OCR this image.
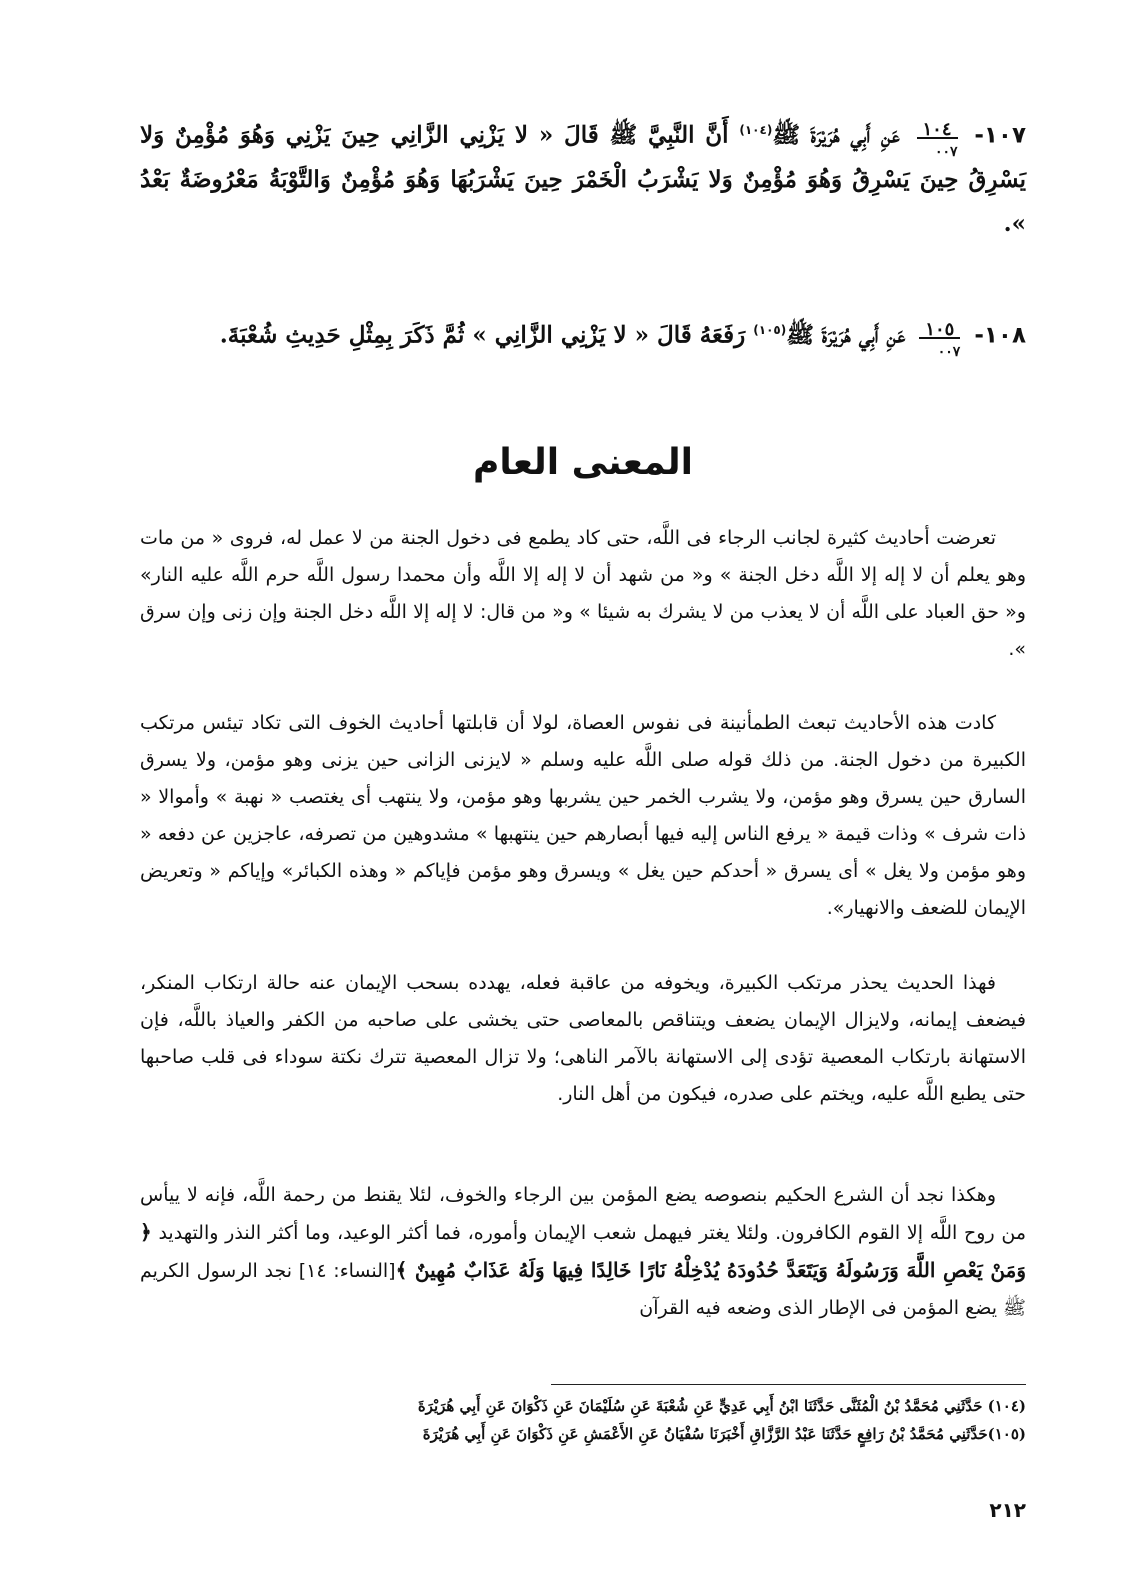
١٠٧- ١٠٤
٠٠٧
عَنِ أَبِي هُرَيْرَةَ ﷺ$^{(١٠٤)}$ أَنَّ النَّبِيَّ ﷺ قَالَ « لا يَزْنِي الزَّانِي حِينَ يَزْنِي وَهُوَ مُؤْمِنٌ وَلا يَسْرِقُ حِينَ يَسْرِقُ وَهُوَ مُؤْمِنٌ وَلا يَشْرَبُ الْخَمْرَ حِينَ يَشْرَبُهَا وَهُوَ مُؤْمِنٌ وَالتَّوْبَةُ مَعْرُوضَةٌ بَعْدُ ».
١٠٨- ١٠٥
٠٠٧
عَنِ أَبِي هُرَيْرَةَ ﷺ$^{(١٠٥)}$ رَفَعَهُ قَالَ « لا يَزْنِي الزَّانِي » ثُمَّ ذَكَرَ بِمِثْلِ حَدِيثِ شُعْبَةَ.
المعنى العام

تعرضت أحاديث كثيرة لجانب الرجاء فى اللَّه، حتى كاد يطمع فى دخول الجنة من لا عمل له، فروى « من مات وهو يعلم أن لا إله إلا اللَّه دخل الجنة » و« من شهد أن لا إله إلا اللَّه وأن محمدا رسول اللَّه حرم اللَّه عليه النار» و« حق العباد على اللَّه أن لا يعذب من لا يشرك به شيئا » و« من قال: لا إله إلا اللَّه دخل الجنة وإن زنى وإن سرق ».

كادت هذه الأحاديث تبعث الطمأنينة فى نفوس العصاة، لولا أن قابلتها أحاديث الخوف التى تكاد تيئس مرتكب الكبيرة من دخول الجنة. من ذلك قوله صلى اللَّه عليه وسلم « لايزنى الزانى حين يزنى وهو مؤمن، ولا يسرق السارق حين يسرق وهو مؤمن، ولا يشرب الخمر حين يشربها وهو مؤمن، ولا ينتهب أى يغتصب « نهبة » وأموالا « ذات شرف » وذات قيمة « يرفع الناس إليه فيها أبصارهم حين ينتهبها » مشدوهين من تصرفه، عاجزين عن دفعه « وهو مؤمن ولا يغل » أى يسرق « أحدكم حين يغل » ويسرق وهو مؤمن فإياكم « وهذه الكبائر» وإياكم « وتعريض الإيمان للضعف والانهيار».

فهذا الحديث يحذر مرتكب الكبيرة، ويخوفه من عاقبة فعله، يهدده بسحب الإيمان عنه حالة ارتكاب المنكر، فيضعف إيمانه، ولايزال الإيمان يضعف ويتناقص بالمعاصى حتى يخشى على صاحبه من الكفر والعياذ باللَّه، فإن الاستهانة بارتكاب المعصية تؤدى إلى الاستهانة بالآمر الناهى؛ ولا تزال المعصية تترك نكتة سوداء فى قلب صاحبها حتى يطبع اللَّه عليه، ويختم على صدره، فيكون من أهل النار.

وهكذا نجد أن الشرع الحكيم بنصوصه يضع المؤمن بين الرجاء والخوف، لئلا يقنط من رحمة اللَّه، فإنه لا ييأس من روح اللَّه إلا القوم الكافرون. ولئلا يغتر فيهمل شعب الإيمان وأموره، فما أكثر الوعيد، وما أكثر النذر والتهديد ﴿ وَمَنْ يَعْصِ اللَّهَ وَرَسُولَهُ وَيَتَعَدَّ حُدُودَهُ يُدْخِلْهُ نَارًا خَالِدًا فِيهَا وَلَهُ عَذَابٌ مُهِينٌ ﴾[النساء: ١٤] نجد الرسول الكريم ﷺ يضع المؤمن فى الإطار الذى وضعه فيه القرآن

(١٠٤) حَدَّثَنِي مُحَمَّدُ بْنُ الْمُثَنَّى حَدَّثَنَا ابْنُ أَبِي عَدِيٍّ عَنِ شُعْبَةَ عَنِ سُلَيْمَانَ عَنِ ذَكْوَانَ عَنِ أَبِي هُرَيْرَةَ
(١٠٥)حَدَّثَنِي مُحَمَّدُ بْنُ رَافِعٍ حَدَّثَنَا عَبْدُ الرَّزَّاقِ أَخْبَرَنَا سُفْيَانُ عَنِ الأَعْمَشِ عَنِ ذَكْوَانَ عَنِ أَبِي هُرَيْرَةَ
٢١٢
